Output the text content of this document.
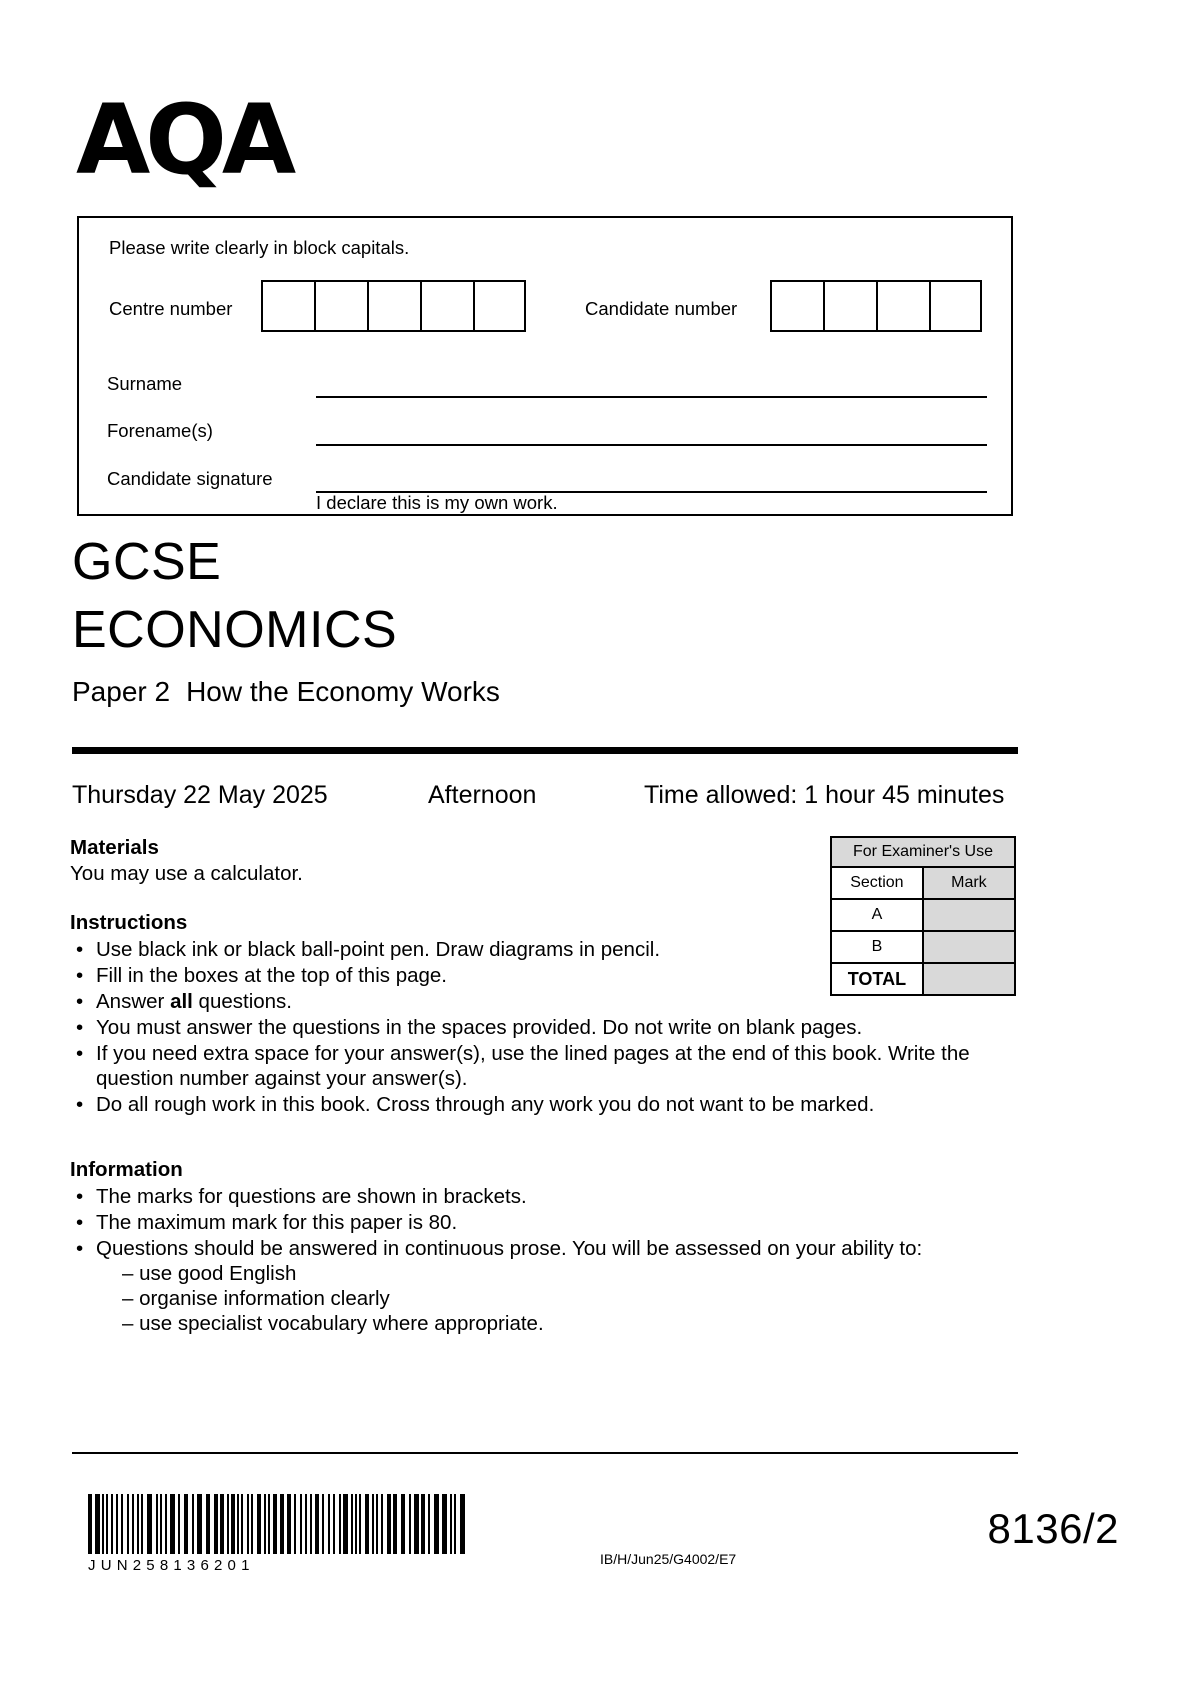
AQA
Please write clearly in block capitals.
Centre number	Candidate number
Surname
Forename(s)
Candidate signature
I declare this is my own work.
GCSE
ECONOMICS
Paper 2 How the Economy Works
Thursday 22 May 2025	Afternoon	Time allowed: 1 hour 45 minutes
Materials
You may use a calculator.
Instructions
• Use black ink or black ball-point pen. Draw diagrams in pencil.
• Fill in the boxes at the top of this page.
• Answer all questions.
• You must answer the questions in the spaces provided. Do not write on blank pages.
• If you need extra space for your answer(s), use the lined pages at the end of this book. Write the question number against your answer(s).
• Do all rough work in this book. Cross through any work you do not want to be marked.
Information
• The marks for questions are shown in brackets.
• The maximum mark for this paper is 80.
• Questions should be answered in continuous prose. You will be assessed on your ability to:
– use good English
– organise information clearly
– use specialist vocabulary where appropriate.
For Examiner's Use	
Section	Mark
A	
B	
TOTAL	
JUN258136201	IB/H/Jun25/G4002/E7
8136/2
